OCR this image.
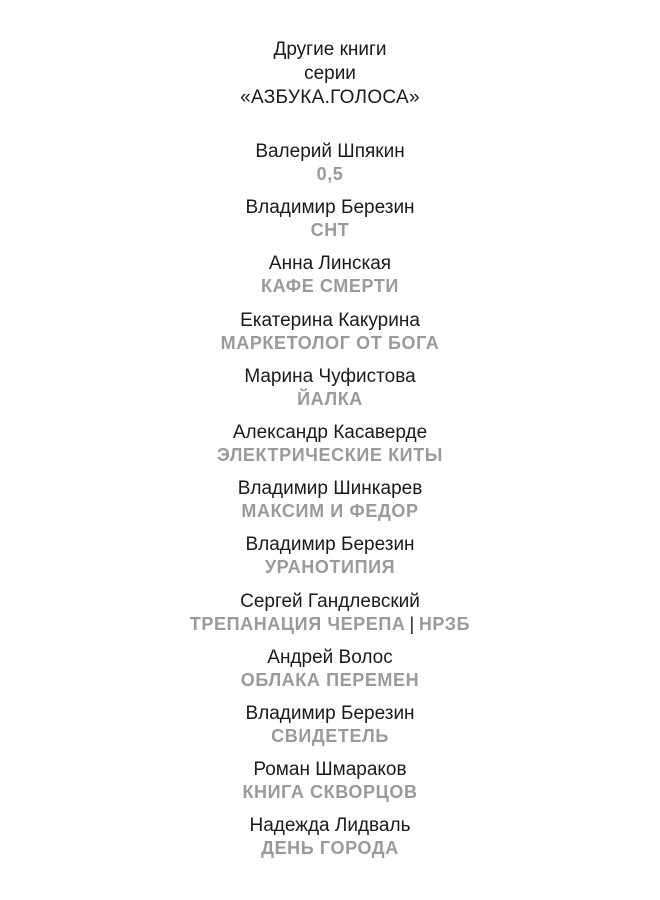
Другие книги
серии
«АЗБУКА.ГОЛОСА»
Валерий Шпякин
0,5
Владимир Березин
СНТ
Анна Линская
КАФЕ СМЕРТИ
Екатерина Какурина
МАРКЕТОЛОГ ОТ БОГА
Марина Чуфистова
ЙАЛКА
Александр Касаверде
ЭЛЕКТРИЧЕСКИЕ КИТЫ
Владимир Шинкарев
МАКСИМ И ФЕДОР
Владимир Березин
УРАНОТИПИЯ
Сергей Гандлевский
ТРЕПАНАЦИЯ ЧЕРЕПА | НРЗБ
Андрей Волос
ОБЛАКА ПЕРЕМЕН
Владимир Березин
СВИДЕТЕЛЬ
Роман Шмараков
КНИГА СКВОРЦОВ
Надежда Лидваль
ДЕНЬ ГОРОДА
